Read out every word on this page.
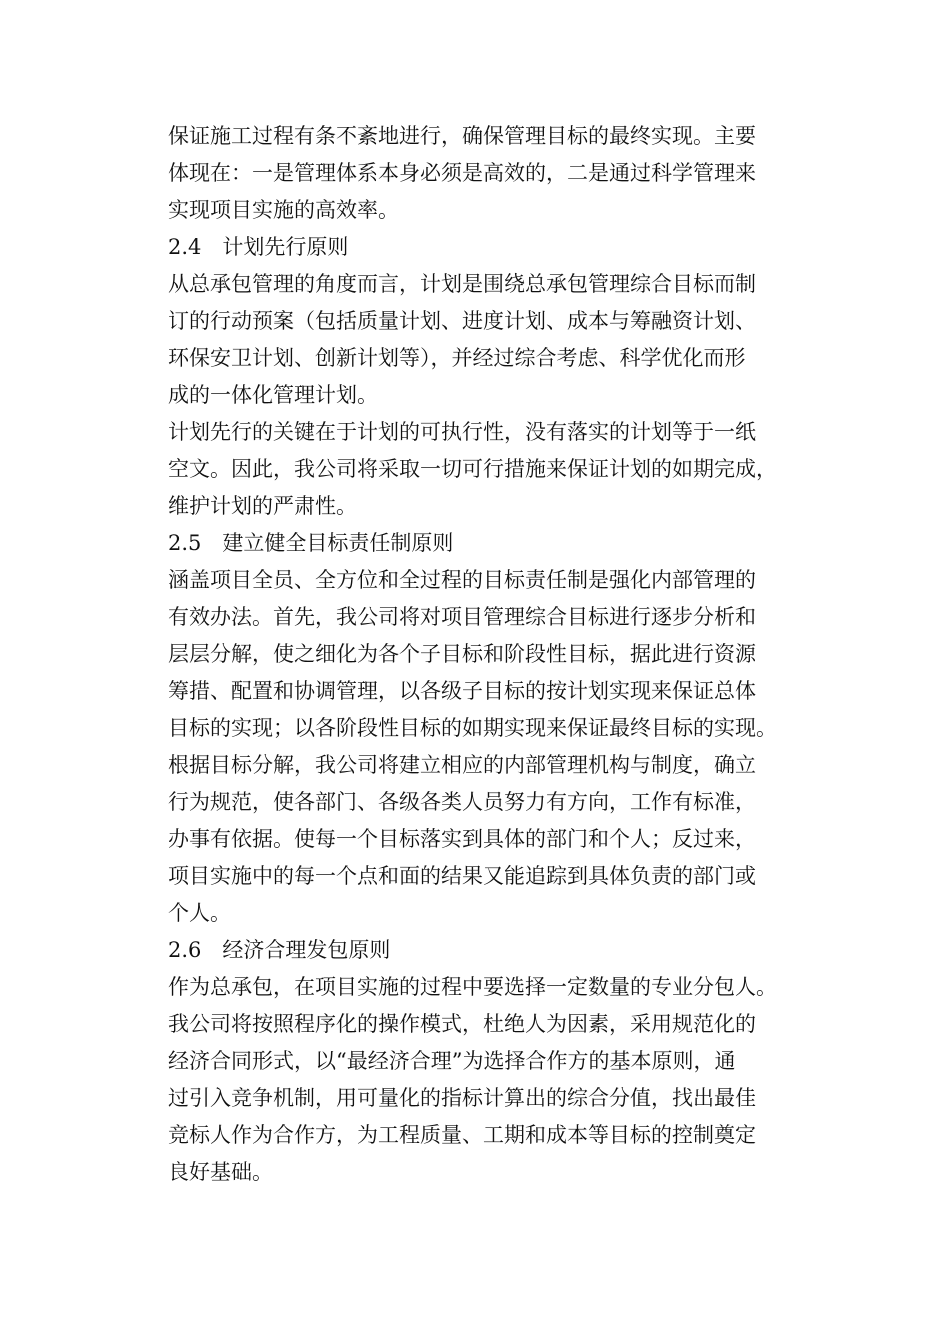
保证施工过程有条不紊地进行，确保管理目标的最终实现。主要
体现在：一是管理体系本身必须是高效的，二是通过科学管理来
实现项目实施的高效率。
2.4　计划先行原则
从总承包管理的角度而言，计划是围绕总承包管理综合目标而制
订的行动预案（包括质量计划、进度计划、成本与筹融资计划、
环保安卫计划、创新计划等），并经过综合考虑、科学优化而形
成的一体化管理计划。
计划先行的关键在于计划的可执行性，没有落实的计划等于一纸
空文。因此，我公司将采取一切可行措施来保证计划的如期完成，
维护计划的严肃性。
2.5　建立健全目标责任制原则
涵盖项目全员、全方位和全过程的目标责任制是强化内部管理的
有效办法。首先，我公司将对项目管理综合目标进行逐步分析和
层层分解，使之细化为各个子目标和阶段性目标，据此进行资源
筹措、配置和协调管理，以各级子目标的按计划实现来保证总体
目标的实现；以各阶段性目标的如期实现来保证最终目标的实现。
根据目标分解，我公司将建立相应的内部管理机构与制度，确立
行为规范，使各部门、各级各类人员努力有方向，工作有标准，
办事有依据。使每一个目标落实到具体的部门和个人；反过来，
项目实施中的每一个点和面的结果又能追踪到具体负责的部门或
个人。
2.6　经济合理发包原则
作为总承包，在项目实施的过程中要选择一定数量的专业分包人。
我公司将按照程序化的操作模式，杜绝人为因素，采用规范化的
经济合同形式，以“最经济合理”为选择合作方的基本原则，通
过引入竞争机制，用可量化的指标计算出的综合分值，找出最佳
竞标人作为合作方，为工程质量、工期和成本等目标的控制奠定
良好基础。
